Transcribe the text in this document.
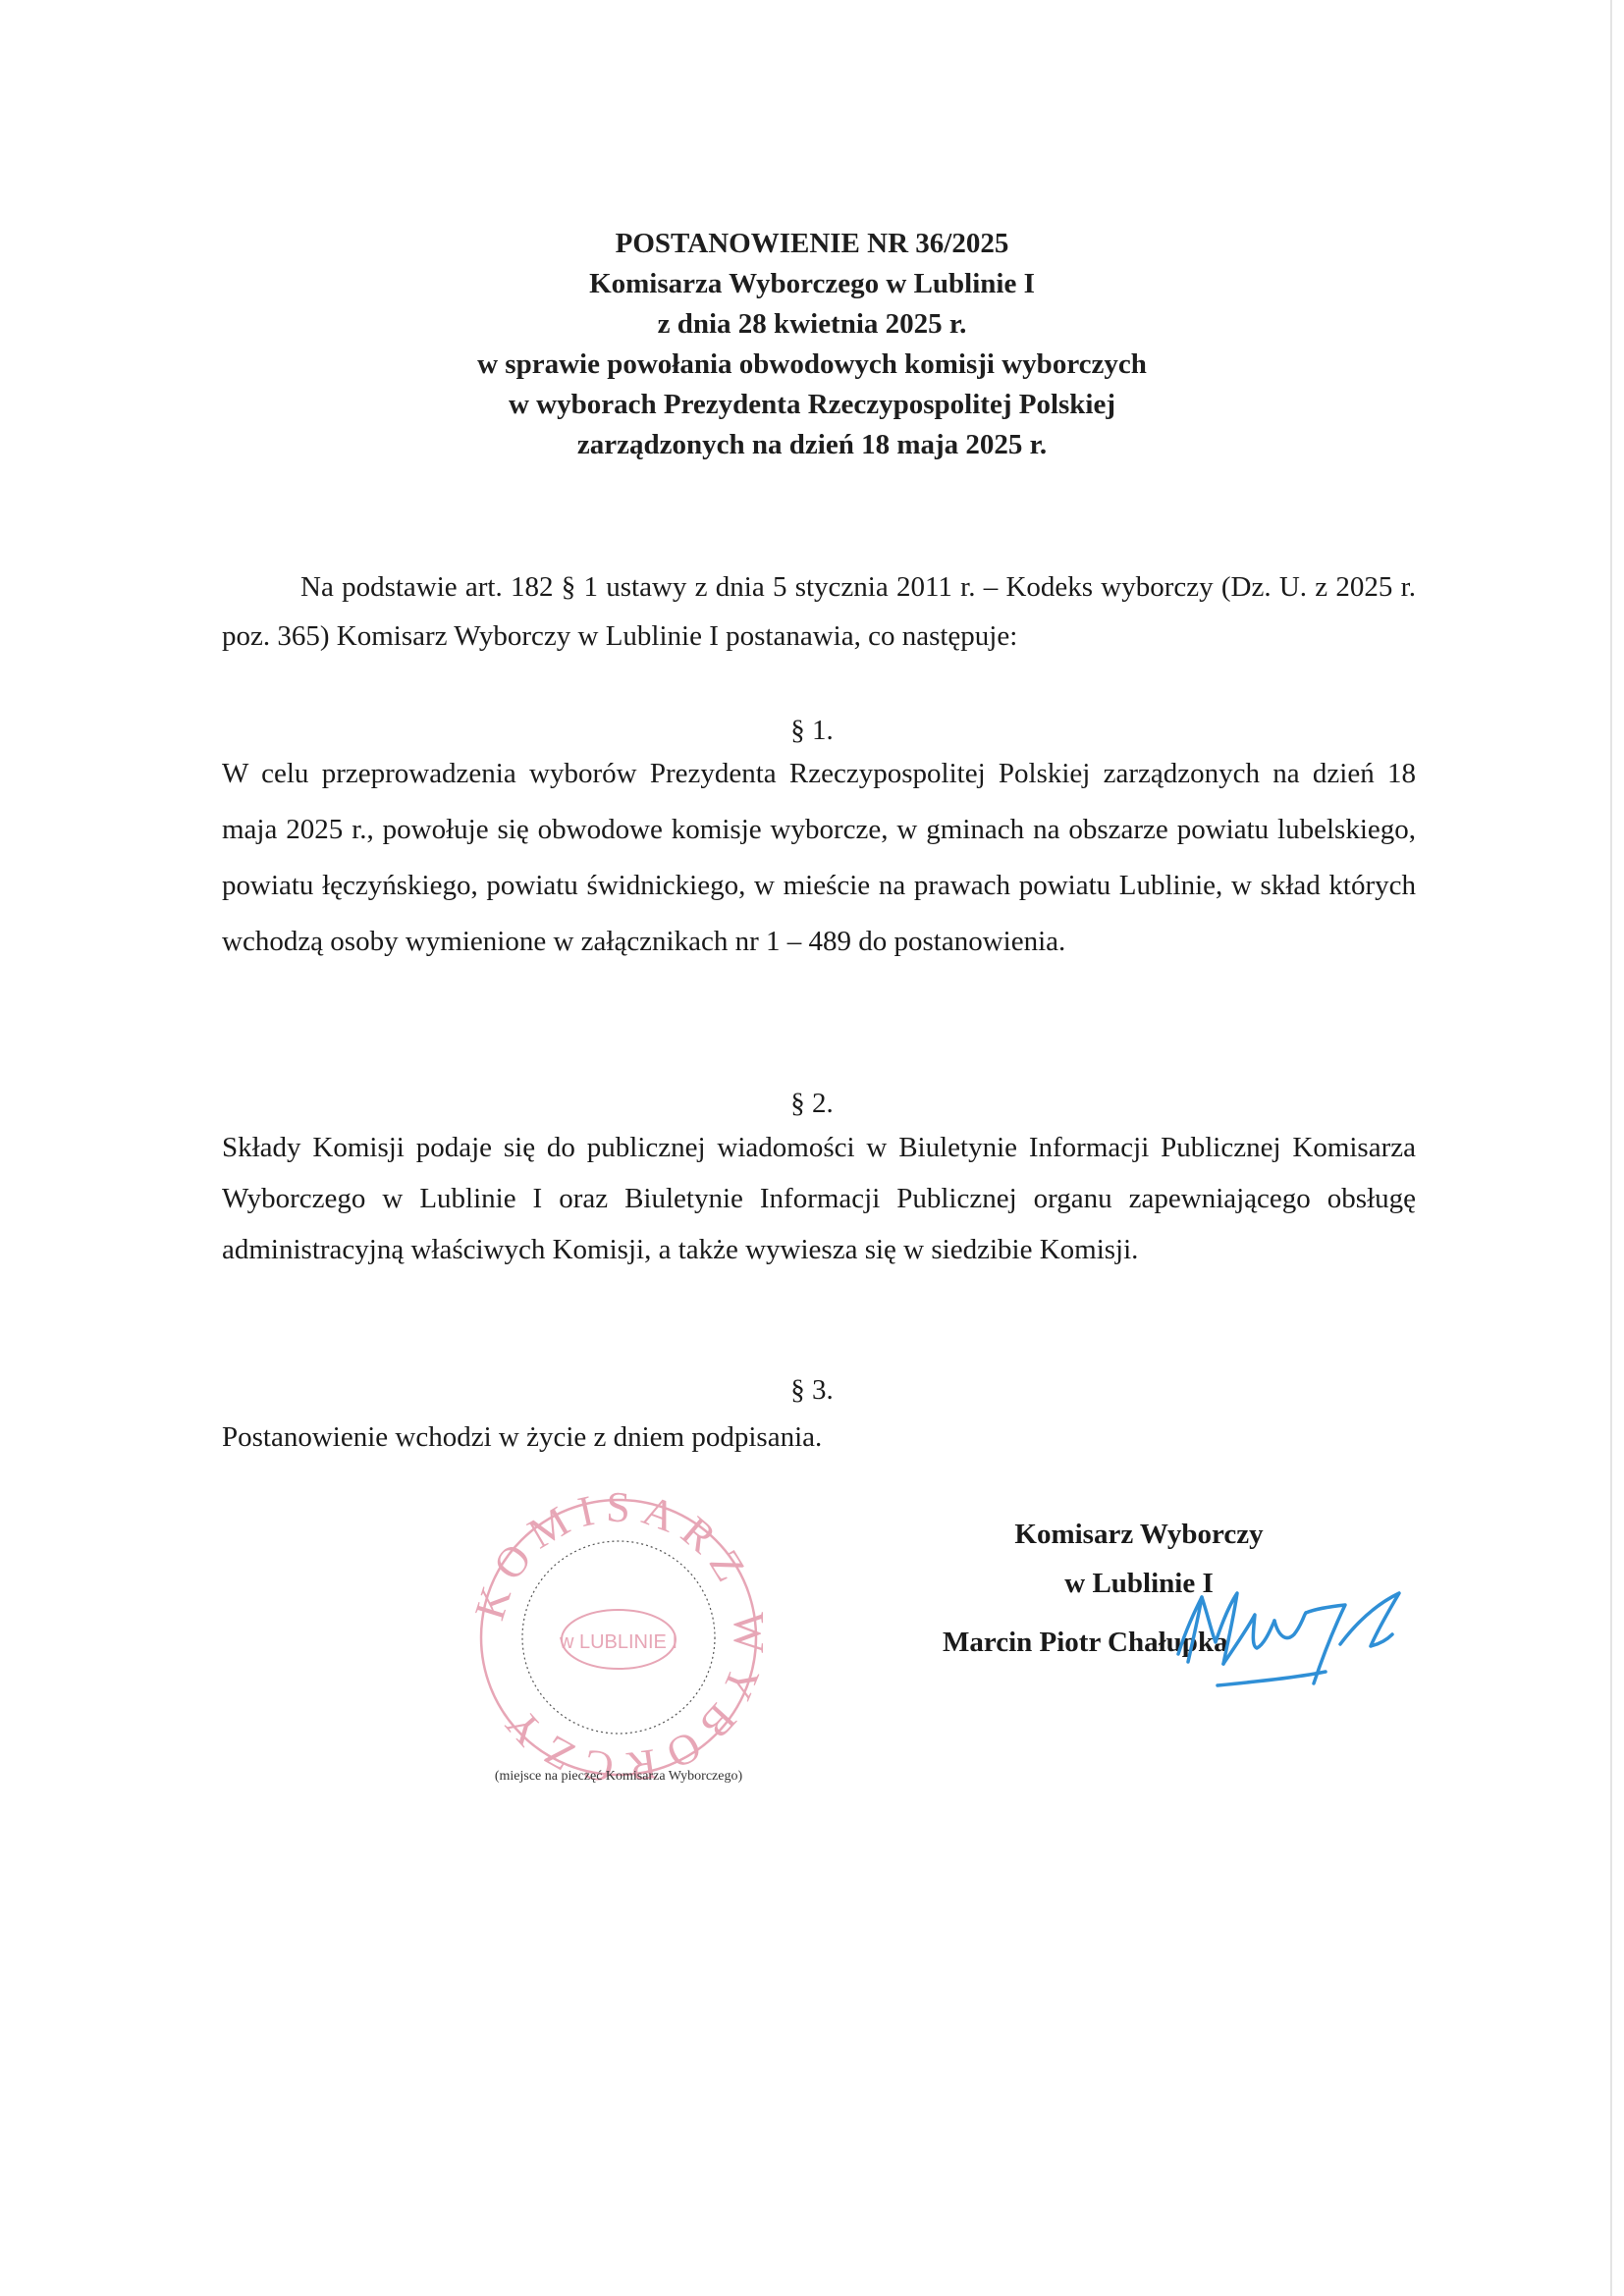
POSTANOWIENIE NR 36/2025
Komisarza Wyborczego w Lublinie I
z dnia 28 kwietnia 2025 r.
w sprawie powołania obwodowych komisji wyborczych
w wyborach Prezydenta Rzeczypospolitej Polskiej
zarządzonych na dzień 18 maja 2025 r.

Na podstawie art. 182 § 1 ustawy z dnia 5 stycznia 2011 r. – Kodeks wyborczy (Dz. U. z 2025 r. poz. 365) Komisarz Wyborczy w Lublinie I postanawia, co następuje:

§ 1.

W celu przeprowadzenia wyborów Prezydenta Rzeczypospolitej Polskiej zarządzonych na dzień 18 maja 2025 r., powołuje się obwodowe komisje wyborcze, w gminach na obszarze powiatu lubelskiego, powiatu łęczyńskiego, powiatu świdnickiego, w mieście na prawach powiatu Lublinie, w skład których wchodzą osoby wymienione w załącznikach nr 1 – 489 do postanowienia.

§ 2.

Składy Komisji podaje się do publicznej wiadomości w Biuletynie Informacji Publicznej Komisarza Wyborczego w Lublinie I oraz Biuletynie Informacji Publicznej organu zapewniającego obsługę administracyjną właściwych Komisji, a także wywiesza się w siedzibie Komisji.

§ 3.

Postanowienie wchodzi w życie z dniem podpisania.

OMISARZ YBORCZY
w LUBLINIE I
(miejsce na pieczęć Komisarza Wyborczego)
Komisarz Wyborczy
w Lublinie I
Marcin Piotr Chałupka
